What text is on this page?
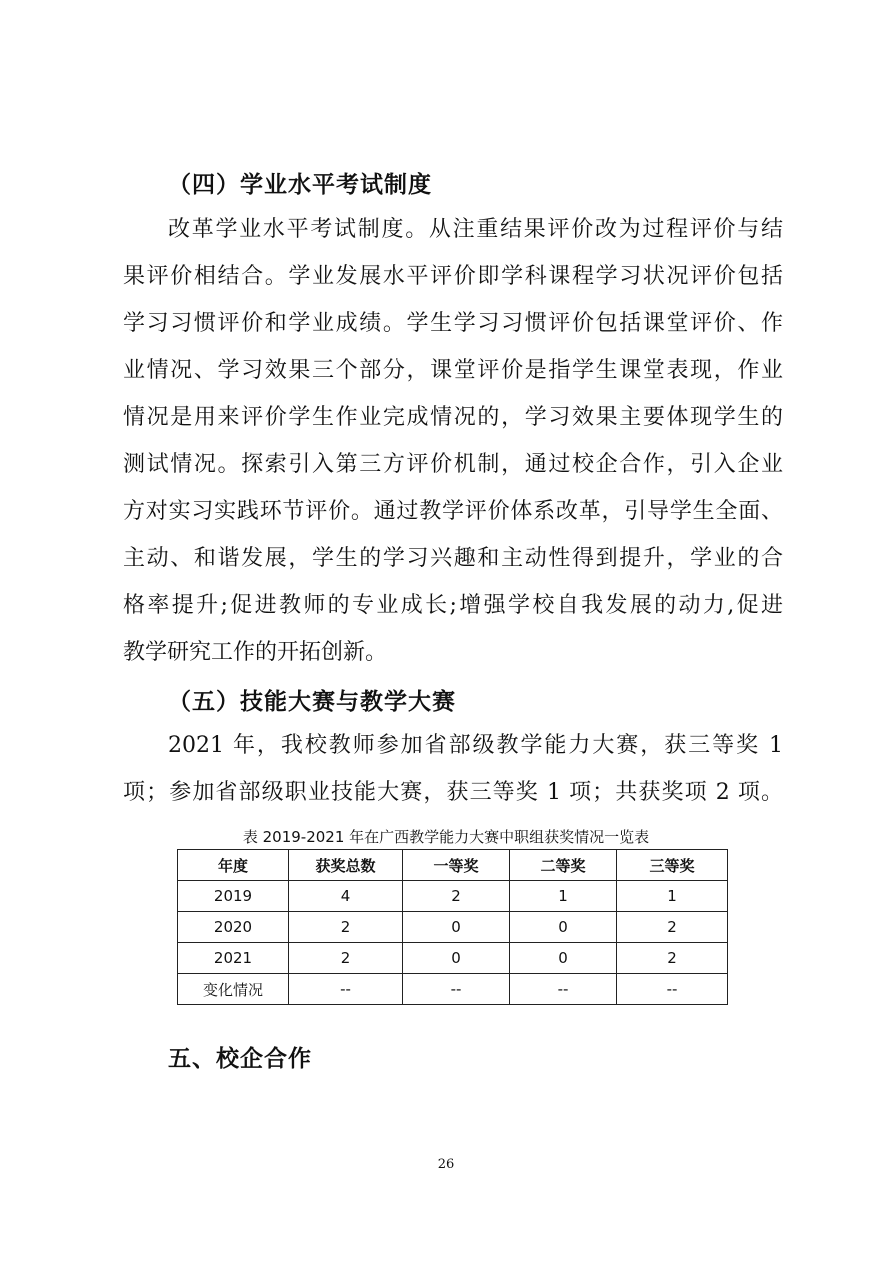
（四）学业水平考试制度
改革学业水平考试制度。从注重结果评价改为过程评价与结
果评价相结合。学业发展水平评价即学科课程学习状况评价包括
学习习惯评价和学业成绩。学生学习习惯评价包括课堂评价、作
业情况、学习效果三个部分，课堂评价是指学生课堂表现，作业
情况是用来评价学生作业完成情况的，学习效果主要体现学生的
测试情况。探索引入第三方评价机制，通过校企合作，引入企业
方对实习实践环节评价。通过教学评价体系改革，引导学生全面、
主动、和谐发展，学生的学习兴趣和主动性得到提升，学业的合
格率提升;促进教师的专业成长;增强学校自我发展的动力,促进
教学研究工作的开拓创新。
（五）技能大赛与教学大赛
2021 年，我校教师参加省部级教学能力大赛，获三等奖 1
项；参加省部级职业技能大赛，获三等奖 1 项；共获奖项 2 项。
表 2019-2021 年在广西教学能力大赛中职组获奖情况一览表
年度	获奖总数	一等奖	二等奖	三等奖
2019	4	2	1	1
2020	2	0	0	2
2021	2	0	0	2
变化情况	--	--	--	--
五、校企合作
26
